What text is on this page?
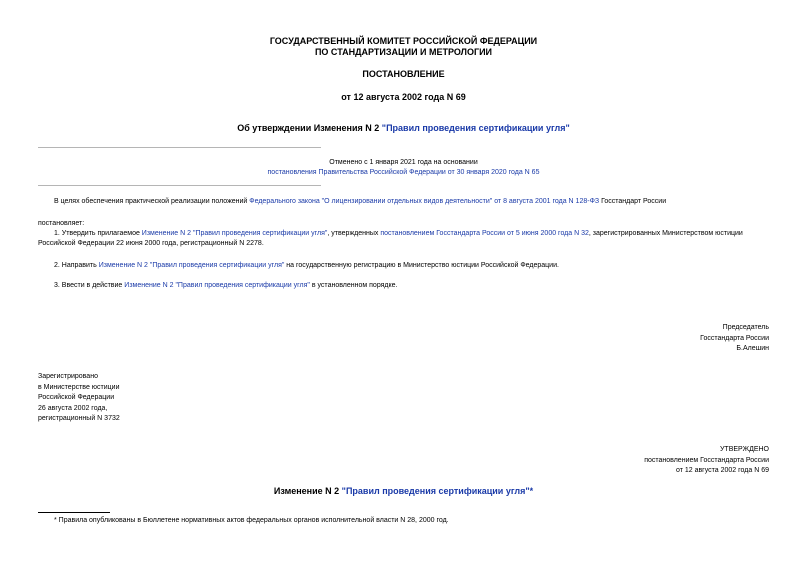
ГОСУДАРСТВЕННЫЙ КОМИТЕТ РОССИЙСКОЙ ФЕДЕРАЦИИ
ПО СТАНДАРТИЗАЦИИ И МЕТРОЛОГИИ
ПОСТАНОВЛЕНИЕ
от 12 августа 2002 года N 69
Об утверждении Изменения N 2 "Правил проведения сертификации угля"
Отменено с 1 января 2021 года на основании
постановления Правительства Российской Федерации от 30 января 2020 года N 65
В целях обеспечения практической реализации положений Федерального закона "О лицензировании отдельных видов деятельности" от 8 августа 2001 года N 128-ФЗ Госстандарт России
постановляет:
1. Утвердить прилагаемое Изменение N 2 "Правил проведения сертификации угля", утвержденных постановлением Госстандарта России от 5 июня 2000 года N 32, зарегистрированных Министерством юстиции Российской Федерации 22 июня 2000 года, регистрационный N 2278.
2. Направить Изменение N 2 "Правил проведения сертификации угля" на государственную регистрацию в Министерство юстиции Российской Федерации.
3. Ввести в действие Изменение N 2 "Правил проведения сертификации угля" в установленном порядке.
Председатель
Госстандарта России
Б.Алешин
Зарегистрировано
в Министерстве юстиции
Российской Федерации
26 августа 2002 года,
регистрационный N 3732
УТВЕРЖДЕНО
постановлением Госстандарта России
от 12 августа 2002 года N 69
Изменение N 2 "Правил проведения сертификации угля"*
* Правила опубликованы в Бюллетене нормативных актов федеральных органов исполнительной власти N 28, 2000 год.
